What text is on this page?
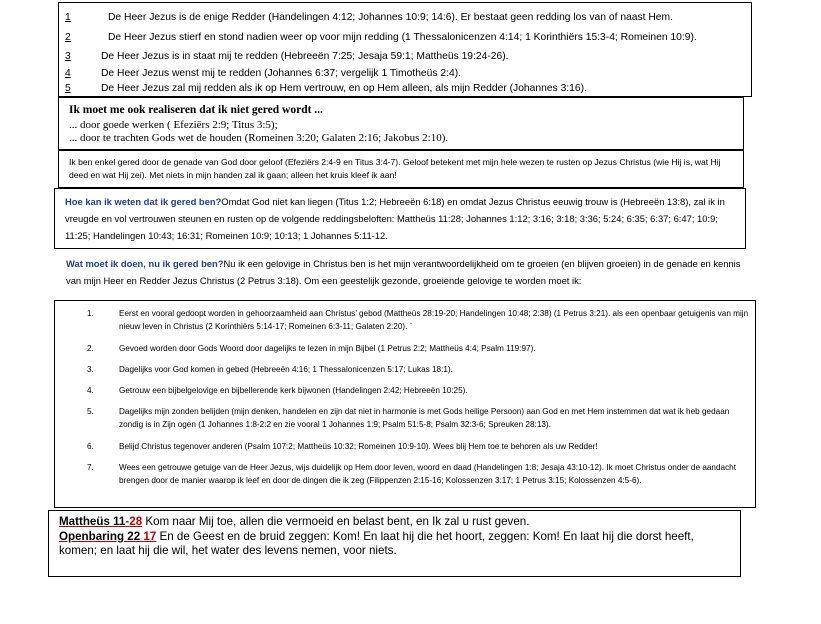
1	De Heer Jezus is de enige Redder (Handelingen 4:12; Johannes 10:9; 14:6). Er bestaat geen redding los van of naast Hem.
2	De Heer Jezus stierf en stond nadien weer op voor mijn redding (1 Thessalonicenzen 4:14; 1 Korinthiërs 15:3-4; Romeinen 10:9).
3	De Heer Jezus is in staat mij te redden (Hebreeën 7:25; Jesaja 59:1; Mattheüs 19:24-26).
4	De Heer Jezus wenst mij te redden (Johannes 6:37; vergelijk 1 Timotheüs 2:4).
5	De Heer Jezus zal mij redden als ik op Hem vertrouw, en op Hem alleen, als mijn Redder (Johannes 3:16).
Ik moet me ook realiseren dat ik niet gered wordt ...
... door goede werken ( Efeziërs 2:9; Titus 3:5);
... door te trachten Gods wet de houden (Romeinen 3:20; Galaten 2:16; Jakobus 2:10).
Ik ben enkel gered door de genade van God door geloof (Efeziërs 2:4-9 en Titus 3:4-7). Geloof betekent met mijn hele wezen te rusten op Jezus Christus (wie Hij is, wat Hij deed en wat Hij zei). Met niets in mijn handen zal ik gaan; alleen het kruis kleef ik aan!
Hoe kan ik weten dat ik gered ben?Omdat God niet kan liegen (Titus 1:2; Hebreeën 6:18) en omdat Jezus Christus eeuwig trouw is (Hebreeën 13:8), zal ik in vreugde en vol vertrouwen steunen en rusten op de volgende reddingsbeloften: Mattheüs 11:28; Johannes 1:12; 3:16; 3:18; 3:36; 5:24; 6:35; 6:37; 6:47; 10:9; 11:25; Handelingen 10:43; 16:31; Romeinen 10:9; 10:13; 1 Johannes 5:11-12.
Wat moet ik doen, nu ik gered ben?Nu ik een gelovige in Christus ben is het mijn verantwoordelijkheid om te groeien (en blijven groeien) in de genade en kennis van mijn Heer en Redder Jezus Christus (2 Petrus 3:18). Om een geestelijk gezonde, groeiende gelovige te worden moet ik:
1.	Eerst en vooral gedoopt worden in gehoorzaamheid aan Christus’ gebod (Mattheüs 28:19-20; Handelingen 10:48; 2:38) (1 Petrus 3:21). als een openbaar getuigenis van mijn nieuw leven in Christus (2 Korinthiërs 5:14-17; Romeinen 6:3-11; Galaten 2:20). `
2.	Gevoed worden door Gods Woord door dagelijks te lezen in mijn Bijbel (1 Petrus 2:2; Mattheüs 4:4; Psalm 119:97).
3.	Dagelijks voor God komen in gebed (Hebreeën 4:16; 1 Thessalonicenzen 5:17; Lukas 18:1).
4.	Getrouw een bijbelgelovige en bijbellerende kerk bijwonen (Handelingen 2:42; Hebreeën 10:25).
5.	Dagelijks mijn zonden belijden (mijn denken, handelen en zijn dat niet in harmonie is met Gods heilige Persoon) aan God en met Hem instemmen dat wat ik heb gedaan zondig is in Zijn ogen (1 Johannes 1:8-2:2 en zie vooral 1 Johannes 1:9; Psalm 51:5-8; Psalm 32:3-6; Spreuken 28:13).
6.	Belijd Christus tegenover anderen (Psalm 107:2; Mattheüs 10:32; Romeinen 10:9-10). Wees blij Hem toe te behoren als uw Redder!
7.	Wees een getrouwe getuige van de Heer Jezus, wijs duidelijk op Hem door leven, woord en daad (Handelingen 1:8; Jesaja 43:10-12). Ik moet Christus onder de aandacht brengen door de manier waarop ik leef en door de dingen die ik zeg (Filippenzen 2:15-16; Kolossenzen 3:17; 1 Petrus 3:15; Kolossenzen 4:5-6).
Mattheüs 11-28 Kom naar Mij toe, allen die vermoeid en belast bent, en Ik zal u rust geven.
Openbaring 22 17 En de Geest en de bruid zeggen: Kom! En laat hij die het hoort, zeggen: Kom! En laat hij die dorst heeft, komen; en laat hij die wil, het water des levens nemen, voor niets.
